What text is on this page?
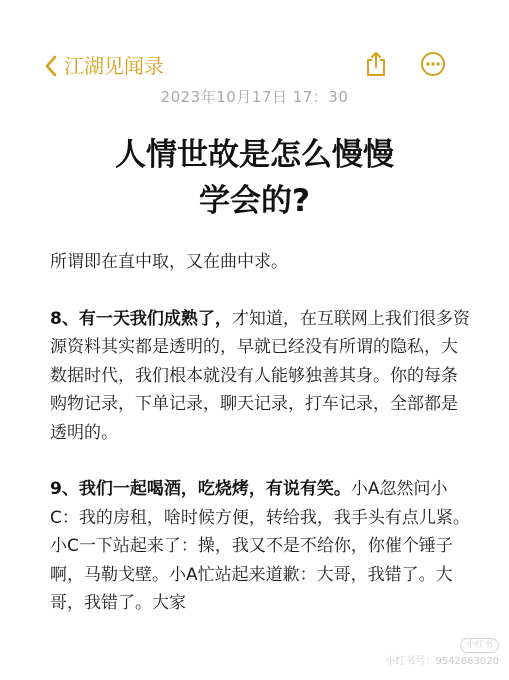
江湖见闻录
2023年10月17日 17：30
人情世故是怎么慢慢
学会的?

所谓即在直中取，又在曲中求。

8、有一天我们成熟了，才知道，在互联网上我们很多资源资料其实都是透明的，早就已经没有所谓的隐私，大数据时代，我们根本就没有人能够独善其身。你的每条购物记录，下单记录，聊天记录，打车记录，全部都是透明的。

9、我们一起喝酒，吃烧烤，有说有笑。小A忽然问小C：我的房租，啥时候方便，转给我，我手头有点儿紧。小C一下站起来了：操，我又不是不给你，你催个锤子啊，马勒戈壁。小A忙站起来道歉：大哥，我错了。大哥，我错了。大家

小红书
小红书号：9542863020
